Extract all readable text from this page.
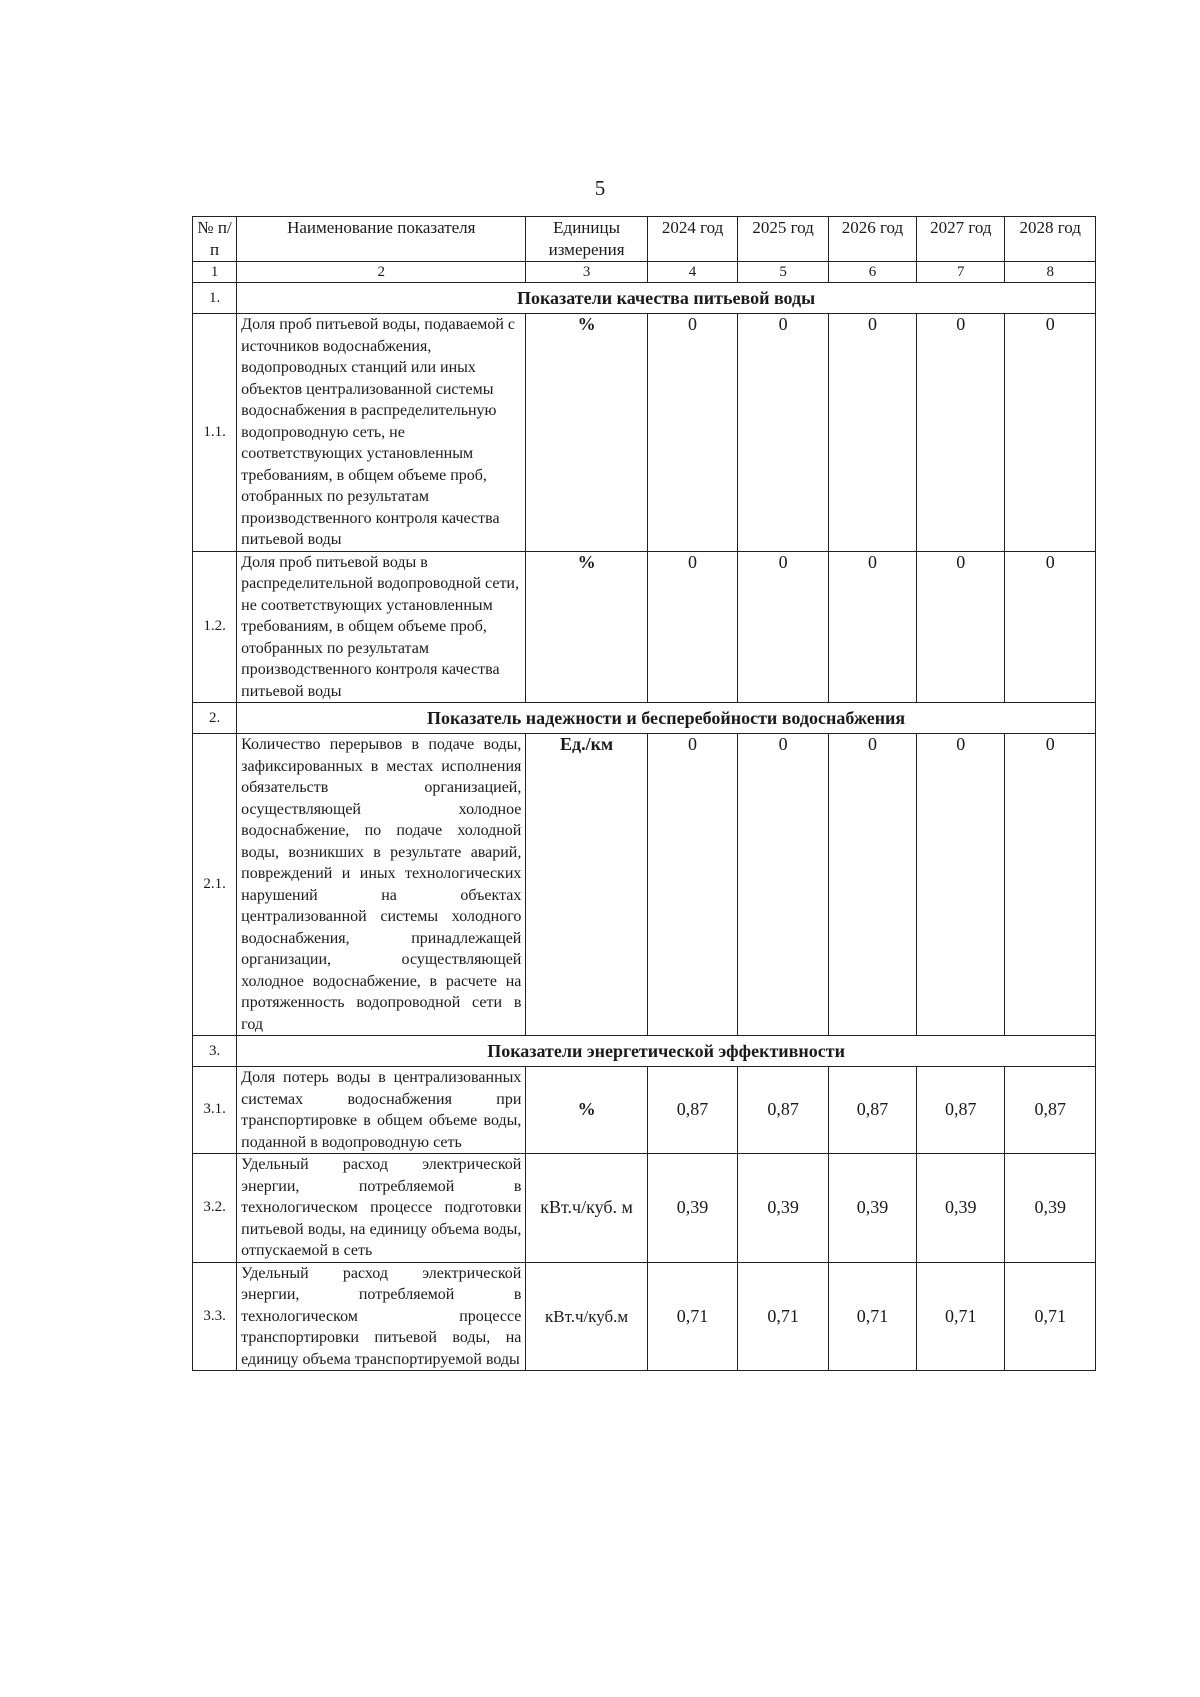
5
№ п/п	Наименование показателя	Единицы измерения	2024 год	2025 год	2026 год	2027 год	2028 год
1	2	3	4	5	6	7	8
1.	Показатели качества питьевой воды						
1.1.	Доля проб питьевой воды, подаваемой с источников водоснабжения, водопроводных станций или иных объектов централизованной системы водоснабжения в распределительную водопроводную сеть, не соответствующих установленным требованиям, в общем объеме проб, отобранных по результатам производственного контроля качества питьевой воды	%	0	0	0	0	0
1.2.	Доля проб питьевой воды в распределительной водопроводной сети, не соответствующих установленным требованиям, в общем объеме проб, отобранных по результатам производственного контроля качества питьевой воды	%	0	0	0	0	0
2.	Показатель надежности и бесперебойности водоснабжения						
2.1.	Количество перерывов в подаче воды, зафиксированных в местах исполнения обязательств организацией, осуществляющей холодное водоснабжение, по подаче холодной воды, возникших в результате аварий, повреждений и иных технологических нарушений на объектах централизованной системы холодного водоснабжения, принадлежащей организации, осуществляющей холодное водоснабжение, в расчете на протяженность водопроводной сети в год	Ед./км	0	0	0	0	0
3.	Показатели энергетической эффективности						
3.1.	Доля потерь воды в централизованных системах водоснабжения при транспортировке в общем объеме воды, поданной в водопроводную сеть	%	0,87	0,87	0,87	0,87	0,87
3.2.	Удельный расход электрической энергии, потребляемой в технологическом процессе подготовки питьевой воды, на единицу объема воды, отпускаемой в сеть	кВт.ч/куб. м	0,39	0,39	0,39	0,39	0,39
3.3.	Удельный расход электрической энергии, потребляемой в технологическом процессе транспортировки питьевой воды, на единицу объема транспортируемой воды	кВт.ч/куб.м	0,71	0,71	0,71	0,71	0,71
